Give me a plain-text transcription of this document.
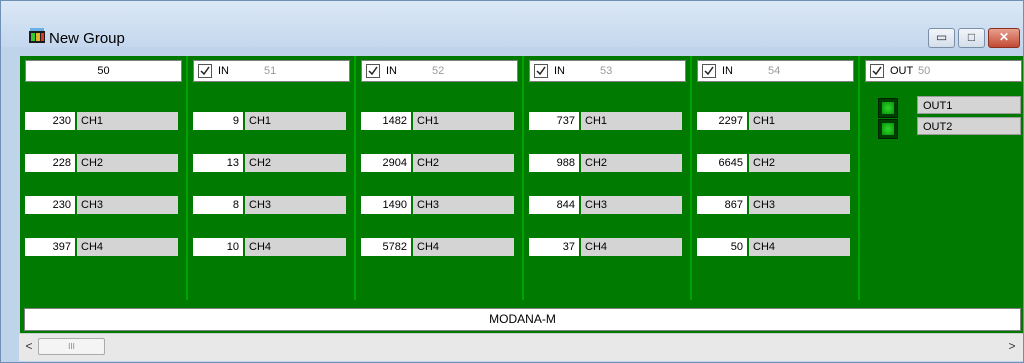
New Group	▭	□	✕
50
230 CH1
228 CH2
230 CH3
397 CH4
IN	51
9 CH1
13 CH2
8 CH3
10 CH4
IN	52
1482 CH1
2904 CH2
1490 CH3
5782 CH4
IN	53
737 CH1
988 CH2
844 CH3
37 CH4
IN	54
2297 CH1
6645 CH2
867 CH3
50 CH4
OUT 50
OUT1
OUT2
MODANA-M
<	III	>
